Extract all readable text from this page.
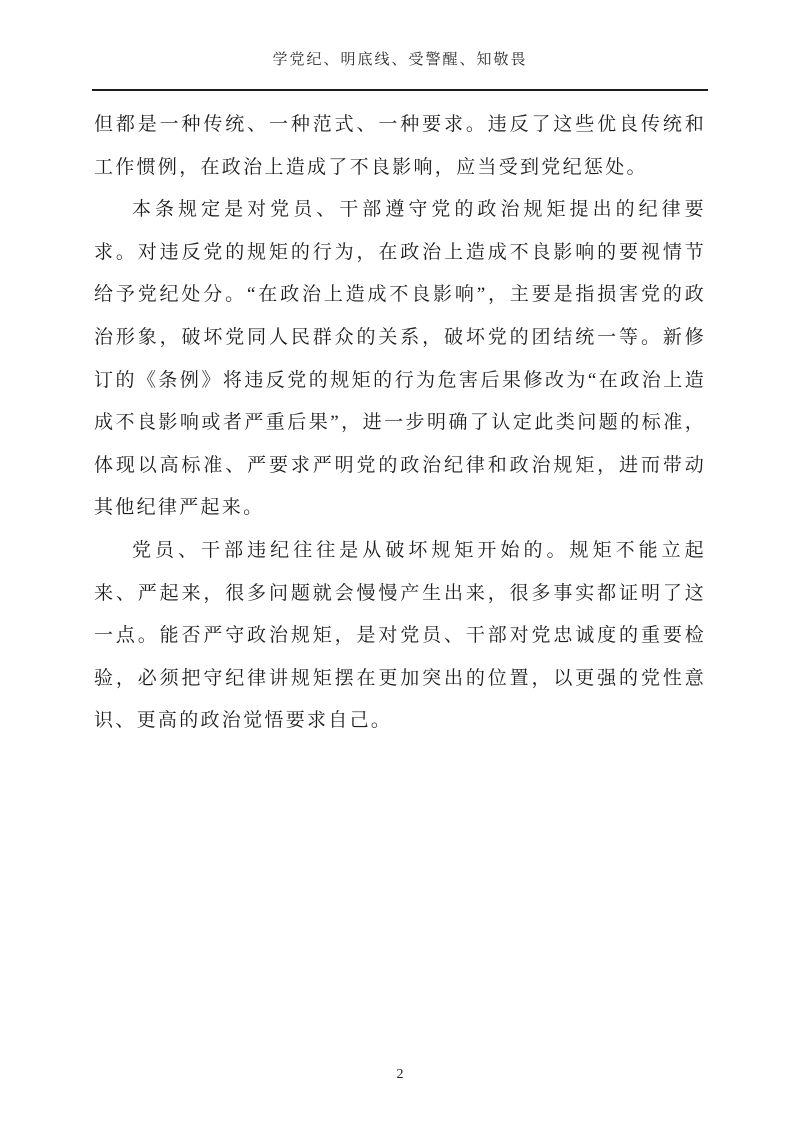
学党纪、明底线、受警醒、知敬畏

但都是一种传统、一种范式、一种要求。违反了这些优良传统和工作惯例，在政治上造成了不良影响，应当受到党纪惩处。

本条规定是对党员、干部遵守党的政治规矩提出的纪律要求。对违反党的规矩的行为，在政治上造成不良影响的要视情节给予党纪处分。“在政治上造成不良影响”，主要是指损害党的政治形象，破坏党同人民群众的关系，破坏党的团结统一等。新修订的《条例》将违反党的规矩的行为危害后果修改为“在政治上造成不良影响或者严重后果”，进一步明确了认定此类问题的标准，体现以高标准、严要求严明党的政治纪律和政治规矩，进而带动其他纪律严起来。

党员、干部违纪往往是从破坏规矩开始的。规矩不能立起来、严起来，很多问题就会慢慢产生出来，很多事实都证明了这一点。能否严守政治规矩，是对党员、干部对党忠诚度的重要检验，必须把守纪律讲规矩摆在更加突出的位置，以更强的党性意识、更高的政治觉悟要求自己。

2
